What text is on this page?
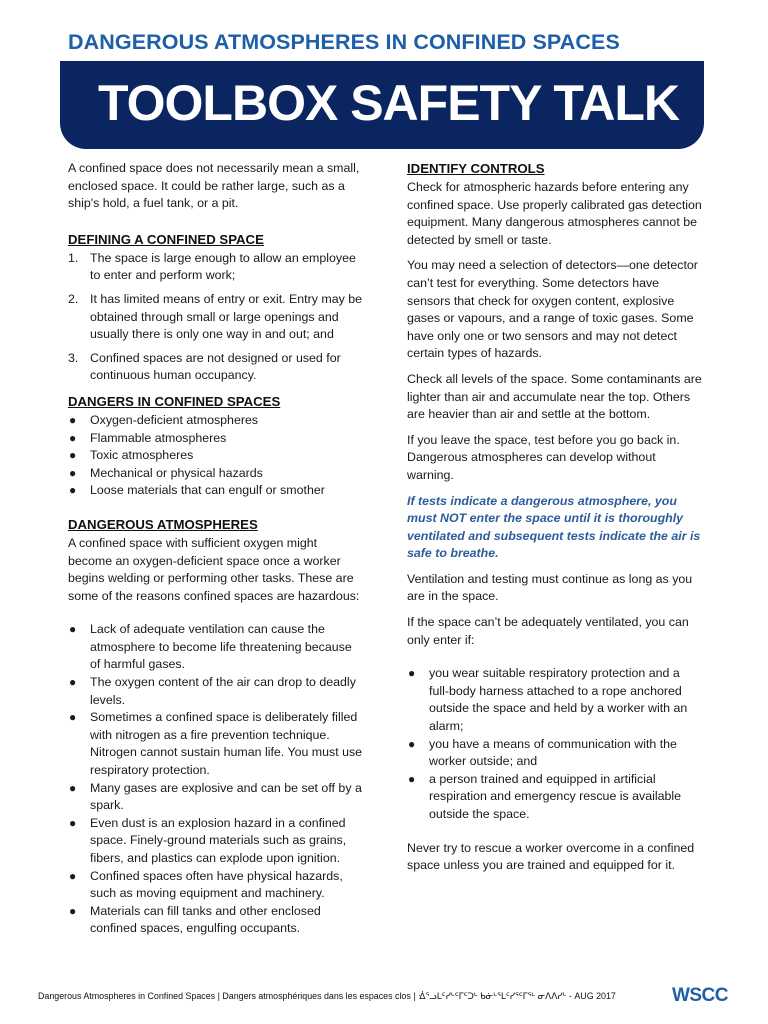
DANGEROUS ATMOSPHERES IN CONFINED SPACES
TOOLBOX SAFETY TALK

A confined space does not necessarily mean a small, enclosed space. It could be rather large, such as a ship's hold, a fuel tank, or a pit.

DEFINING A CONFINED SPACE
1. The space is large enough to allow an employee to enter and perform work;
2. It has limited means of entry or exit. Entry may be obtained through small or large openings and usually there is only one way in and out; and
3. Confined spaces are not designed or used for continuous human occupancy.
DANGERS IN CONFINED SPACES
● Oxygen-deficient atmospheres
● Flammable atmospheres
● Toxic atmospheres
● Mechanical or physical hazards
● Loose materials that can engulf or smother
DANGEROUS ATMOSPHERES

A confined space with sufficient oxygen might become an oxygen-deficient space once a worker begins welding or performing other tasks. These are some of the reasons confined spaces are hazardous:

● Lack of adequate ventilation can cause the atmosphere to become life threatening because of harmful gases.
● The oxygen content of the air can drop to deadly levels.
● Sometimes a confined space is deliberately filled with nitrogen as a fire prevention technique. Nitrogen cannot sustain human life. You must use respiratory protection.
● Many gases are explosive and can be set off by a spark.
● Even dust is an explosion hazard in a confined space. Finely-ground materials such as grains, fibers, and plastics can explode upon ignition.
● Confined spaces often have physical hazards, such as moving equipment and machinery.
● Materials can fill tanks and other enclosed confined spaces, engulfing occupants.
IDENTIFY CONTROLS

Check for atmospheric hazards before entering any confined space. Use properly calibrated gas detection equipment. Many dangerous atmospheres cannot be detected by smell or taste.

You may need a selection of detectors—one detector can’t test for everything. Some detectors have sensors that check for oxygen content, explosive gases or vapours, and a range of toxic gases. Some have only one or two sensors and may not detect certain types of hazards.

Check all levels of the space. Some contaminants are lighter than air and accumulate near the top. Others are heavier than air and settle at the bottom.

If you leave the space, test before you go back in. Dangerous atmospheres can develop without warning.

If tests indicate a dangerous atmosphere, you must NOT enter the space until it is thoroughly ventilated and subsequent tests indicate the air is safe to breathe.

Ventilation and testing must continue as long as you are in the space.

If the space can’t be adequately ventilated, you can only enter if:

● you wear suitable respiratory protection and a full-body harness attached to a rope anchored outside the space and held by a worker with an alarm;
● you have a means of communication with the worker outside; and
● a person trained and equipped in artificial respiration and emergency rescue is available outside the space.

Never try to rescue a worker overcome in a confined space unless you are trained and equipped for it.

Dangerous Atmospheres in Confined Spaces | Dangers atmosphériques dans les espaces clos | ᐐᕐᓗᒪᑦᓯᒡᑦᒥᑦᑐᒡ ᑲᓃᒡᕐᒪᑦᓯᕐᑦᒥᕐᒡ ᓂᐱᐱᓯᒡ - AUG 2017	WSCC
